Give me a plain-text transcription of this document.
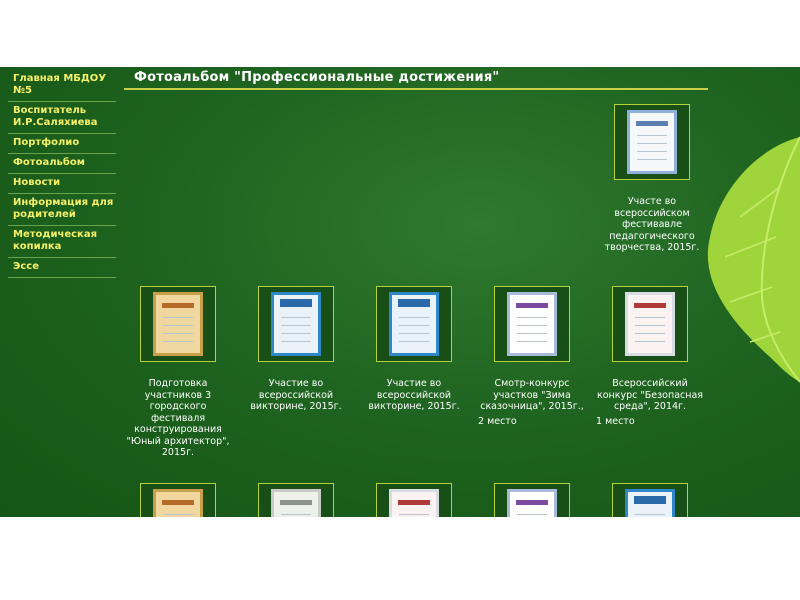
Главная МБДОУ №5
Воспитатель И.Р.Саляхиева
Портфолио
Фотоальбом
Новости
Информация для родителей
Методическая копилка
Эссе
Фотоальбом "Профессиональные достижения"
Участе во всероссийском фестивавле педагогического творчества, 2015г.
Подготовка участников 3 городского фестиваля конструирования "Юный архитектор", 2015г.
Участие во всероссийской викторине, 2015г.
Участие во всероссийской викторине, 2015г.
Смотр-конкурс участков "Зима сказочница", 2015г.,
2 место
Всероссийский конкурс "Безопасная среда", 2014г.
1 место
